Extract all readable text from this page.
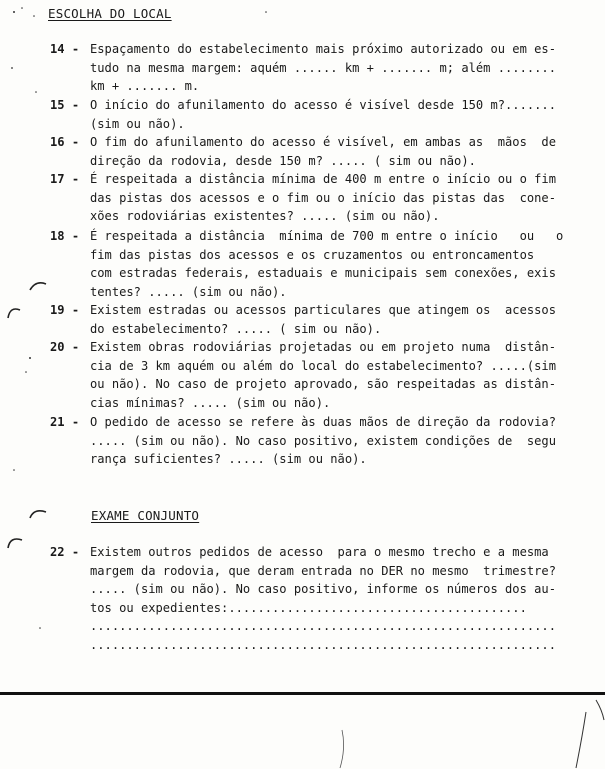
ESCOLHA DO LOCAL
14 - Espaçamento do estabelecimento mais próximo autorizado ou em es-
tudo na mesma margem: aquém ...... km + ....... m; além ........
km + ....... m.
15 - O início do afunilamento do acesso é visível desde 150 m?.......
(sim ou não).
16 - O fim do afunilamento do acesso é visível, em ambas as  mãos  de
direção da rodovia, desde 150 m? ..... ( sim ou não).
17 - É respeitada a distância mínima de 400 m entre o início ou o fim
das pistas dos acessos e o fim ou o início das pistas das  cone-
xões rodoviárias existentes? ..... (sim ou não).
18 - É respeitada a distância  mínima de 700 m entre o início   ou   o
fim das pistas dos acessos e os cruzamentos ou entroncamentos
com estradas federais, estaduais e municipais sem conexões, exis
tentes? ..... (sim ou não).
19 - Existem estradas ou acessos particulares que atingem os  acessos
do estabelecimento? ..... ( sim ou não).
20 - Existem obras rodoviárias projetadas ou em projeto numa  distân-
cia de 3 km aquém ou além do local do estabelecimento? .....(sim
ou não). No caso de projeto aprovado, são respeitadas as distân-
cias mínimas? ..... (sim ou não).
21 - O pedido de acesso se refere às duas mãos de direção da rodovia?
..... (sim ou não). No caso positivo, existem condições de  segu
rança suficientes? ..... (sim ou não).
EXAME CONJUNTO
22 - Existem outros pedidos de acesso  para o mesmo trecho e a mesma
margem da rodovia, que deram entrada no DER no mesmo  trimestre?
..... (sim ou não). No caso positivo, informe os números dos au-
tos ou expedientes:.........................................
................................................................
................................................................
